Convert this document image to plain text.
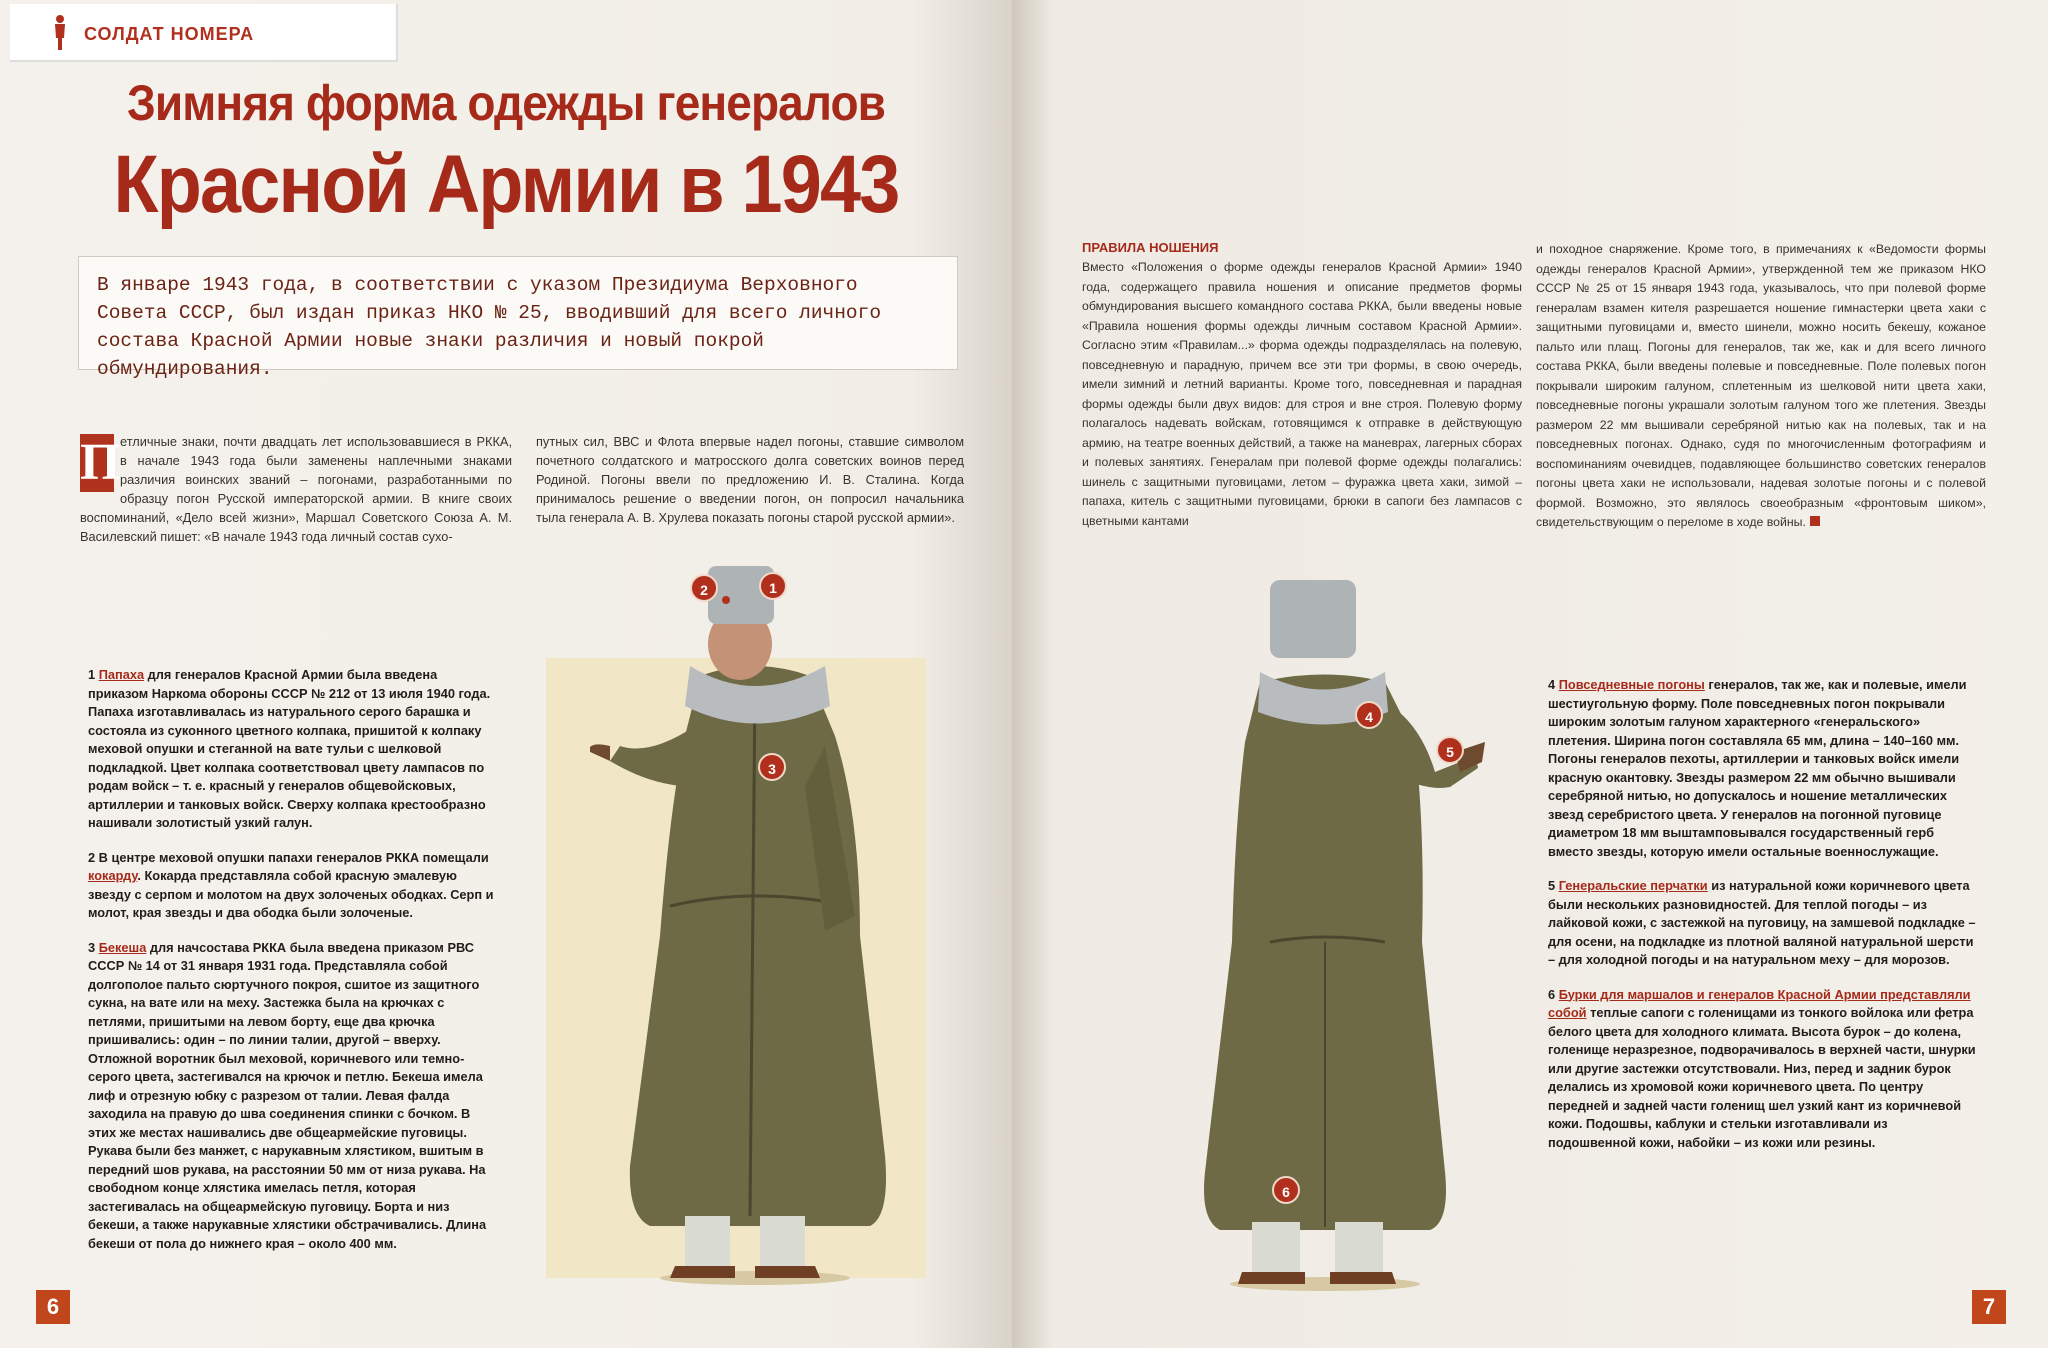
СОЛДАТ НОМЕРА
Зимняя форма одежды генералов
Красной Армии в 1943
В январе 1943 года, в соответствии с указом Президиума Верховного Совета СССР, был издан приказ НКО № 25, вводивший для всего личного состава Красной Армии новые знаки различия и новый покрой обмундирования.
П етличные знаки, почти двадцать лет использовавшиеся в РККА, в начале 1943 года были заменены наплечными знаками различия воинских званий – погонами, разработанными по образцу погон Русской императорской армии. В книге своих воспоминаний, «Дело всей жизни», Маршал Советского Союза А. М. Василевский пишет: «В начале 1943 года личный состав сухо-
путных сил, ВВС и Флота впервые надел погоны, ставшие символом почетного солдатского и матросского долга советских воинов перед Родиной. Погоны ввели по предложению И. В. Сталина. Когда принималось решение о введении погон, он попросил начальника тыла генерала А. В. Хрулева показать погоны старой русской армии».
2	1
3

1 Папаха для генералов Красной Армии была введена приказом Наркома обороны СССР № 212 от 13 июля 1940 года. Папаха изготавливалась из натурального серого барашка и состояла из суконного цветного колпака, пришитой к колпаку меховой опушки и стеганной на вате тульи с шелковой подкладкой. Цвет колпака соответствовал цвету лампасов по родам войск – т. е. красный у генералов общевойсковых, артиллерии и танковых войск. Сверху колпака крестообразно нашивали золотистый узкий галун.

2 В центре меховой опушки папахи генералов РККА помещали кокарду. Кокарда представляла собой красную эмалевую звезду с серпом и молотом на двух золоченых ободках. Серп и молот, края звезды и два ободка были золоченые.

3 Бекеша для начсостава РККА была введена приказом РВС СССР № 14 от 31 января 1931 года. Представляла собой долгополое пальто сюртучного покроя, сшитое из защитного сукна, на вате или на меху. Застежка была на крючках с петлями, пришитыми на левом борту, еще два крючка пришивались: один – по линии талии, другой – вверху. Отложной воротник был меховой, коричневого или темно-серого цвета, застегивался на крючок и петлю. Бекеша имела лиф и отрезную юбку с разрезом от талии. Левая фалда заходила на правую до шва соединения спинки с бочком. В этих же местах нашивались две общеармейские пуговицы. Рукава были без манжет, с нарукавным хлястиком, вшитым в передний шов рукава, на расстоянии 50 мм от низа рукава. На свободном конце хлястика имелась петля, которая застегивалась на общеармейскую пуговицу. Борта и низ бекеши, а также нарукавные хлястики обстрачивались. Длина бекеши от пола до нижнего края – около 400 мм.

6
ПРАВИЛА НОШЕНИЯ
Вместо «Положения о форме одежды генералов Красной Армии» 1940 года, содержащего правила ношения и описание предметов формы обмундирования высшего командного состава РККА, были введены новые «Правила ношения формы одежды личным составом Красной Армии». Согласно этим «Правилам...» форма одежды подразделялась на полевую, повседневную и парадную, причем все эти три формы, в свою очередь, имели зимний и летний варианты. Кроме того, повседневная и парадная формы одежды были двух видов: для строя и вне строя. Полевую форму полагалось надевать войскам, готовящимся к отправке в действующую армию, на театре военных действий, а также на маневрах, лагерных сборах и полевых занятиях. Генералам при полевой форме одежды полагались: шинель с защитными пуговицами, летом – фуражка цвета хаки, зимой – папаха, китель с защитными пуговицами, брюки в сапоги без лампасов с цветными кантами
и походное снаряжение. Кроме того, в примечаниях к «Ведомости формы одежды генералов Красной Армии», утвержденной тем же приказом НКО СССР № 25 от 15 января 1943 года, указывалось, что при полевой форме генералам взамен кителя разрешается ношение гимнастерки цвета хаки с защитными пуговицами и, вместо шинели, можно носить бекешу, кожаное пальто или плащ. Погоны для генералов, так же, как и для всего личного состава РККА, были введены полевые и повседневные. Поле полевых погон покрывали широким галуном, сплетенным из шелковой нити цвета хаки, повседневные погоны украшали золотым галуном того же плетения. Звезды размером 22 мм вышивали серебряной нитью как на полевых, так и на повседневных погонах. Однако, судя по многочисленным фотографиям и воспоминаниям очевидцев, подавляющее большинство советских генералов погоны цвета хаки не использовали, надевая золотые погоны и с полевой формой. Возможно, это являлось своеобразным «фронтовым шиком», свидетельствующим о переломе в ходе войны.
4
5
6

4 Повседневные погоны генералов, так же, как и полевые, имели шестиугольную форму. Поле повседневных погон покрывали широким золотым галуном характерного «генеральского» плетения. Ширина погон составляла 65 мм, длина – 140–160 мм. Погоны генералов пехоты, артиллерии и танковых войск имели красную окантовку. Звезды размером 22 мм обычно вышивали серебряной нитью, но допускалось и ношение металлических звезд серебристого цвета. У генералов на погонной пуговице диаметром 18 мм выштамповывался государственный герб вместо звезды, которую имели остальные военнослужащие.

5 Генеральские перчатки из натуральной кожи коричневого цвета были нескольких разновидностей. Для теплой погоды – из лайковой кожи, с застежкой на пуговицу, на замшевой подкладке – для осени, на подкладке из плотной валяной натуральной шерсти – для холодной погоды и на натуральном меху – для морозов.

6 Бурки для маршалов и генералов Красной Армии представляли собой теплые сапоги с голенищами из тонкого войлока или фетра белого цвета для холодного климата. Высота бурок – до колена, голенище неразрезное, подворачивалось в верхней части, шнурки или другие застежки отсутствовали. Низ, перед и задник бурок делались из хромовой кожи коричневого цвета. По центру передней и задней части голенищ шел узкий кант из коричневой кожи. Подошвы, каблуки и стельки изготавливали из подошвенной кожи, набойки – из кожи или резины.

7
